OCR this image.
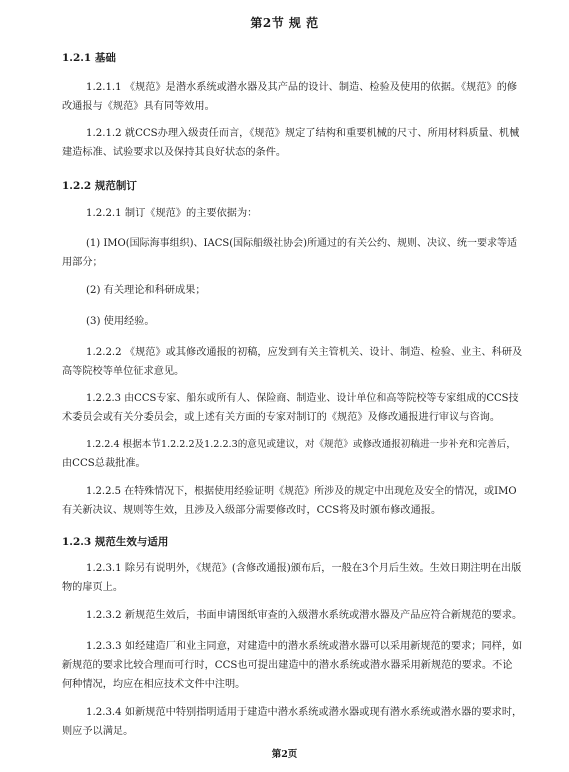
第2节 规 范
1.2.1 基础
1.2.1.1 《规范》是潜水系统或潜水器及其产品的设计、制造、检验及使用的依据。《规范》的修
改通报与《规范》具有同等效用。
1.2.1.2 就CCS办理入级责任而言，《规范》规定了结构和重要机械的尺寸、所用材料质量、机械
建造标准、试验要求以及保持其良好状态的条件。
1.2.2 规范制订
1.2.2.1 制订《规范》的主要依据为：
(1) IMO(国际海事组织)、IACS(国际船级社协会)所通过的有关公约、规则、决议、统一要求等适
用部分；
(2) 有关理论和科研成果；
(3) 使用经验。
1.2.2.2 《规范》或其修改通报的初稿，应发到有关主管机关、设计、制造、检验、业主、科研及
高等院校等单位征求意见。
1.2.2.3 由CCS专家、船东或所有人、保险商、制造业、设计单位和高等院校等专家组成的CCS技
术委员会或有关分委员会，或上述有关方面的专家对制订的《规范》及修改通报进行审议与咨询。
1.2.2.4 根据本节1.2.2.2及1.2.2.3的意见或建议，对《规范》或修改通报初稿进一步补充和完善后，
由CCS总裁批准。
1.2.2.5 在特殊情况下，根据使用经验证明《规范》所涉及的规定中出现危及安全的情况，或IMO
有关新决议、规则等生效，且涉及入级部分需要修改时，CCS将及时颁布修改通报。
1.2.3 规范生效与适用
1.2.3.1 除另有说明外，《规范》(含修改通报)颁布后，一般在3个月后生效。生效日期注明在出版
物的扉页上。
1.2.3.2 新规范生效后，书面申请图纸审查的入级潜水系统或潜水器及产品应符合新规范的要求。
1.2.3.3 如经建造厂和业主同意，对建造中的潜水系统或潜水器可以采用新规范的要求；同样，如
新规范的要求比较合理而可行时，CCS也可提出建造中的潜水系统或潜水器采用新规范的要求。不论
何种情况，均应在相应技术文件中注明。
1.2.3.4 如新规范中特别指明适用于建造中潜水系统或潜水器或现有潜水系统或潜水器的要求时，
则应予以满足。
第2页
